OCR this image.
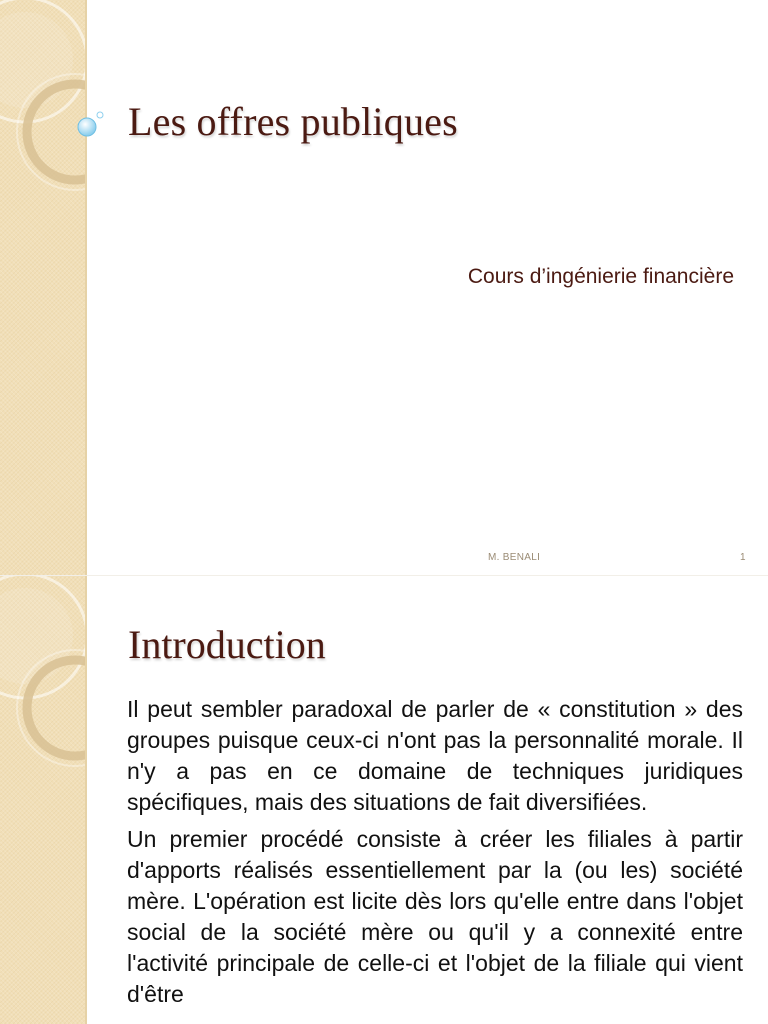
Les offres publiques
Cours d’ingénierie financière
M. BENALI	1
Introduction

Il peut sembler paradoxal de parler de « constitution » des groupes puisque ceux-ci n'ont pas la personnalité morale. Il n'y a pas en ce domaine de techniques juridiques spécifiques, mais des situations de fait diversifiées.

Un premier procédé consiste à créer les filiales à partir d'apports réalisés essentiellement par la (ou les) société mère. L'opération est licite dès lors qu'elle entre dans l'objet social de la société mère ou qu'il y a connexité entre l'activité principale de celle-ci et l'objet de la filiale qui vient d'être
